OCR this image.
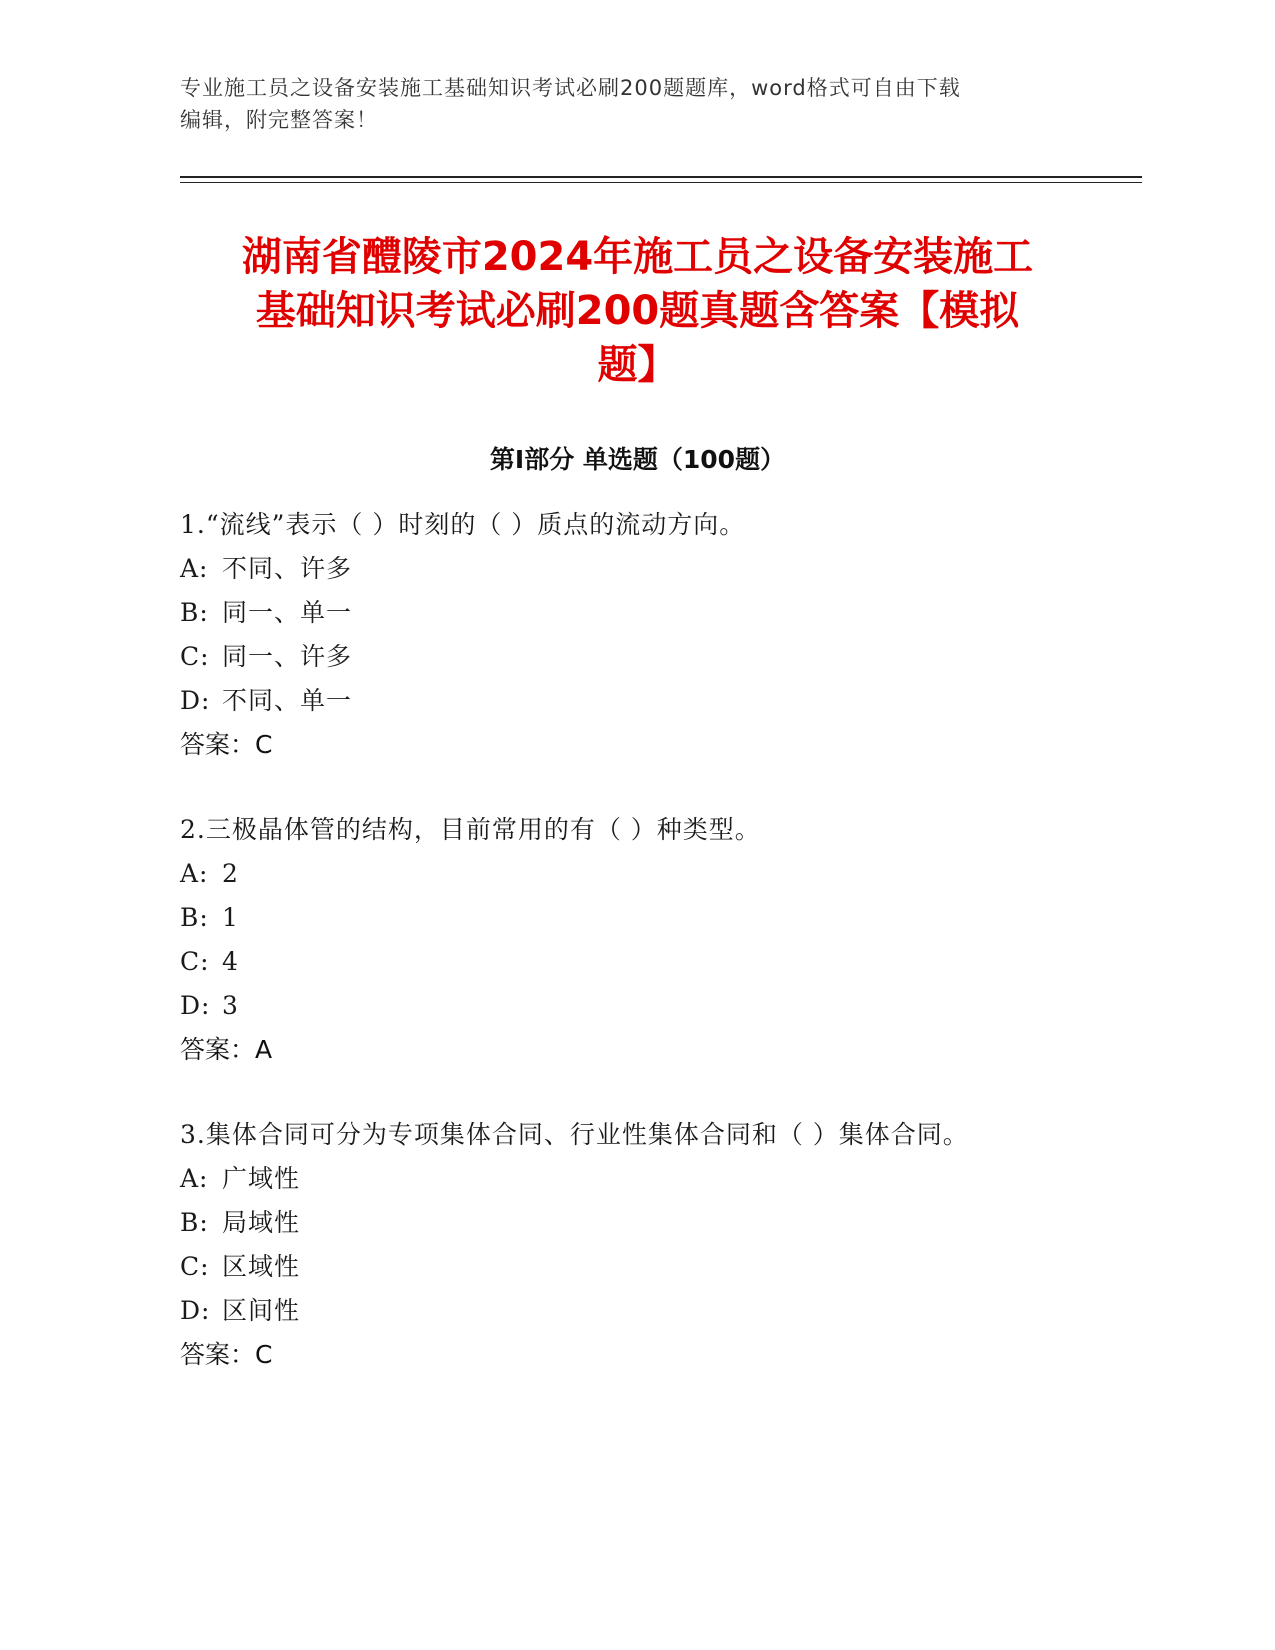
专业施工员之设备安装施工基础知识考试必刷200题题库，word格式可自由下载
编辑，附完整答案！
湖南省醴陵市2024年施工员之设备安装施工
基础知识考试必刷200题真题含答案【模拟
题】
第Ⅰ部分 单选题（100题）
1.“流线”表示（ ）时刻的（ ）质点的流动方向。
A: 不同、许多
B: 同一、单一
C: 同一、许多
D: 不同、单一
答案：C
2.三极晶体管的结构，目前常用的有（ ）种类型。
A: 2
B: 1
C: 4
D: 3
答案：A
3.集体合同可分为专项集体合同、行业性集体合同和（ ）集体合同。
A: 广域性
B: 局域性
C: 区域性
D: 区间性
答案：C
